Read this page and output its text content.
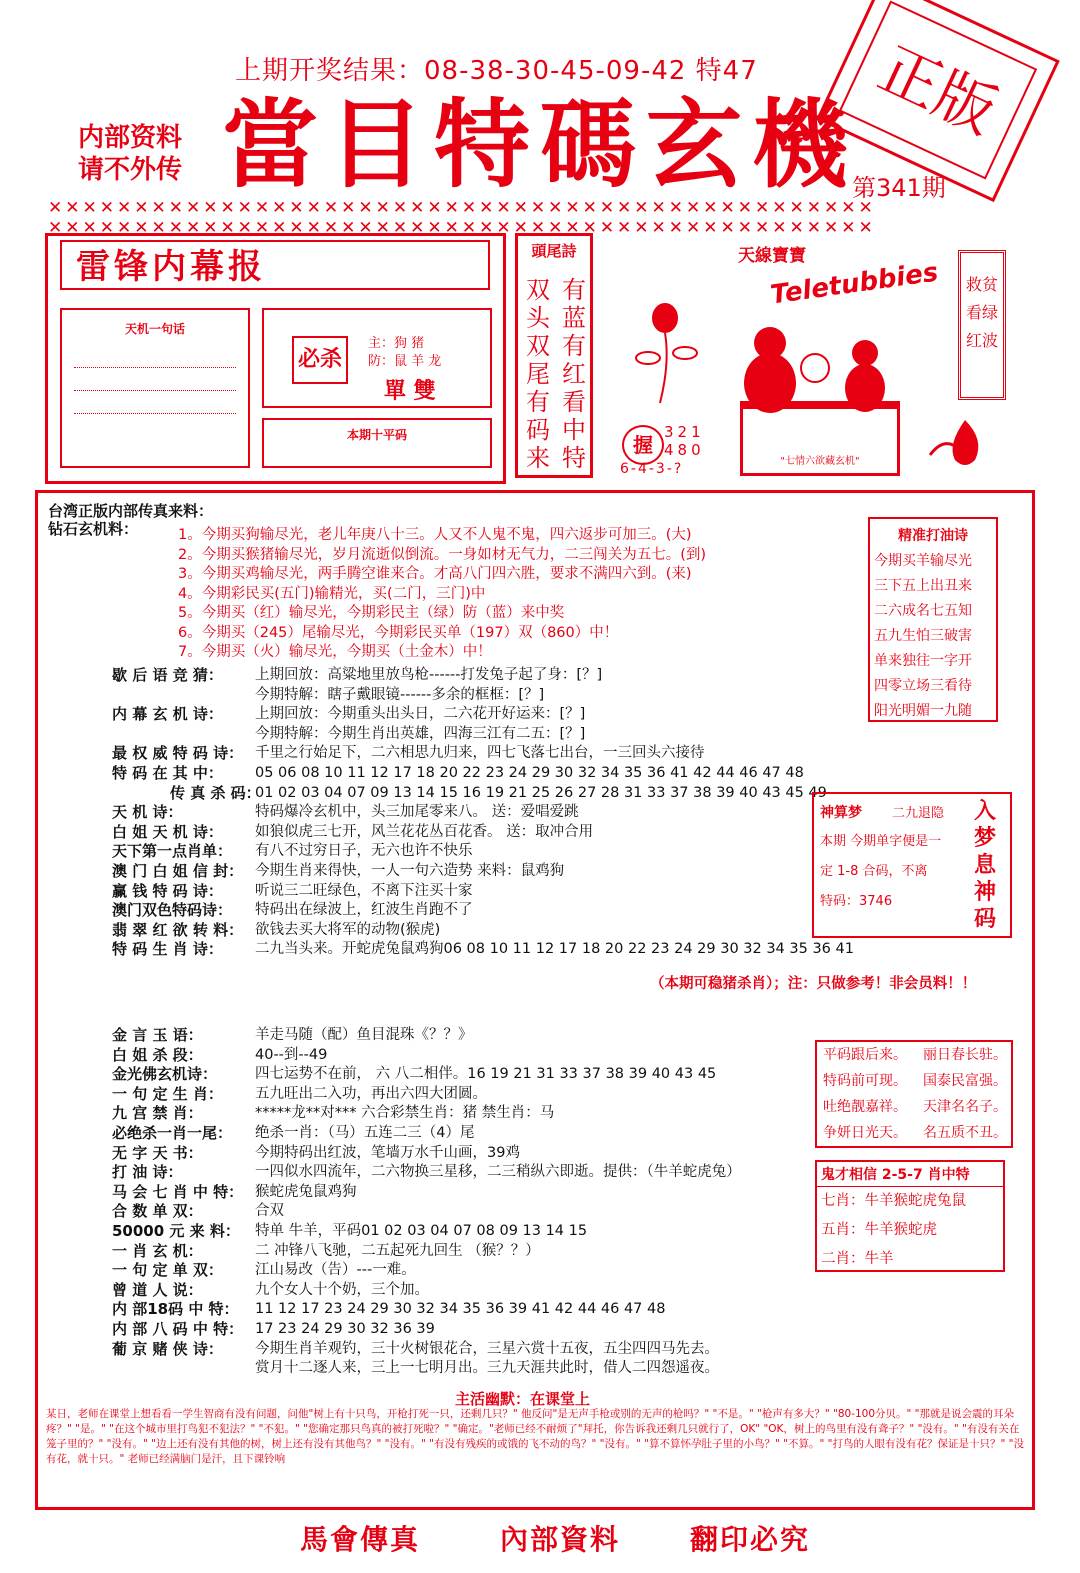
上期开奖结果：08-38-30-45-09-42 特47
内部资料
请不外传 當目特碼玄機
第341期
正版
✕✕✕✕✕✕✕✕✕✕✕✕✕✕✕✕✕✕✕✕✕✕✕✕✕✕✕✕✕✕✕✕✕✕✕✕✕✕✕✕✕✕✕✕✕✕✕✕
✕✕✕✕✕✕✕✕✕✕✕✕✕✕✕✕✕✕✕✕✕✕✕✕✕✕✕✕✕✕✕✕✕✕✕✕✕✕✕✕✕✕✕✕✕✕✕✕
雷锋内幕报
天机一句话
必杀
主：狗 猪
防：鼠 羊 龙
單 雙
本期十平码
頭尾詩
双头双尾有码来
有蓝有红看中特
天線寶寶
Teletubbies
握
321 480
6-4-3-?	"七情六欲藏玄机"
救贫看绿红波
台湾正版内部传真来料：
钻石玄机料：	1。今期买狗输尽光，老儿年庚八十三。人又不人鬼不鬼，四六返步可加三。(大)
2。今期买猴猪输尽光，岁月流逝似倒流。一身如材无气力，二三闯关为五七。(到)
3。今期买鸡输尽光，两手腾空谁来合。才高八门四六胜，要求不满四六到。(来)
4。今期彩民买(五门)输精光，买(二门，三门)中
5。今期买（红）输尽光，今期彩民主（绿）防（蓝）来中奖
6。今期买（245）尾输尽光，今期彩民买单（197）双（860）中！
7。今期买（火）输尽光，今期买（土金木）中！
歇 后 语 竞 猜： 上期回放：高粱地里放鸟枪------打发兔子起了身：[？]
今期特解：瞎子戴眼镜------多余的框框：[？]
内 幕 玄 机 诗： 上期回放：今期重头出头日，二六花开好运来：[？]
今期特解：今期生肖出英雄，四海三江有二五：[？]
最 权 威 特 码 诗： 千里之行始足下，二六相思九归来，四七飞落七出台，一三回头六接待
特 码 在 其 中： 05 06 08 10 11 12 17 18 20 22 23 24 29 30 32 34 35 36 41 42 44 46 47 48
传 真 杀 码：
01 02 03 04 07 09 13 14 15 16 19 21 25 26 27 28 31 33 37 38 39 40 43 45 49
天 机 诗：	特码爆冷玄机中，头三加尾零来八。 送：爱唱爱跳
白 姐 天 机 诗： 如狼似虎三七开，风兰花花丛百花香。 送：取冲合用
天下第一点肖单： 有八不过穷日子，无六也许不快乐
澳 门 白 姐 信 封： 今期生肖来得快，一人一句六造势 来料：鼠鸡狗
赢 钱 特 码 诗： 听说三二旺绿色，不离下注买十家
澳门双色特码诗： 特码出在绿波上，红波生肖跑不了
翡 翠 红 欲 转 料： 欲钱去买大将军的动物(猴虎)
特 码 生 肖 诗： 二九当头来。开蛇虎兔鼠鸡狗06 08 10 11 12 17 18 20 22 23 24 29 30 32 34 35 36 41
精准打油诗
今期买羊输尽光
三下五上出丑来
二六成名七五知
五九生怕三破害
单来独往一字开
四零立场三看待
阳光明媚一九随
神算梦 二九退隐
本期 今期单字便是一
定 1-8 合码，不离
特码：3746
入梦息神码
（本期可稳猪杀肖）；注：只做参考！非会员料！！
金 言 玉 语：	羊走马随（配）鱼目混珠《？？》
白 姐 杀 段：	40--到--49
金光佛玄机诗：	四七运势不在前， 六 八二相伴。16 19 21 31 33 37 38 39 40 43 45
一 句 定 生 肖： 五九旺出二入功，再出六四大团圆。
九 宫 禁 肖：	*****龙**对*** 六合彩禁生肖：猪 禁生肖：马
必绝杀一肖一尾： 绝杀一肖：（马）五连二三（4）尾
无 字 天 书：	今期特码出红波，笔墙万水千山画，39鸡
打 油 诗：	一四似水四流年，二六物换三星移，二三稍纵六即逝。提供：（牛羊蛇虎兔）
马 会 七 肖 中 特： 猴蛇虎兔鼠鸡狗
合 数 单 双：	合双
50000 元 来 料： 特单 牛羊，平码01 02 03 04 07 08 09 13 14 15
一 肖 玄 机：	二 冲锋八飞驰，二五起死九回生 （猴？？）
一 句 定 单 双： 江山易改（告）---一难。
曾 道 人 说：	九个女人十个奶，三个加。
内 部18码 中 特： 11 12 17 23 24 29 30 32 34 35 36 39 41 42 44 46 47 48
内 部 八 码 中 特： 17 23 24 29 30 32 36 39
葡 京 赌 侠 诗： 今期生肖羊观钓，三十火树银花合，三星六赏十五夜，五尘四四马先去。
赏月十二逐人来，三上一七明月出。三九天涯共此时，借人二四怨遥夜。
平码跟后来。	丽日春长驻。
特码前可现。	国泰民富强。
吐绝靓嘉祥。	天津名名子。
争妍日光天。	名五质不丑。
鬼才相信 2-5-7 肖中特
七肖：牛羊猴蛇虎兔鼠
五肖：牛羊猴蛇虎
二肖：牛羊
主活幽默：在课堂上
某日，老师在课堂上想看看一学生智商有没有问题，问他"树上有十只鸟，开枪打死一只，还剩几只？" 他反问"是无声手枪或别的无声的枪吗？" "不是。" "枪声有多大？" "80-100分贝。" "那就是说会震的耳朵疼？" "是。" "在这个城市里打鸟犯不犯法？" "不犯。" "您确定那只鸟真的被打死啦？" "确定。"老师已经不耐烦了"拜托，你告诉我还剩几只就行了，OK" "OK，树上的鸟里有没有聋子？" "没有。" "有没有关在笼子里的？" "没有。" "边上还有没有其他的树，树上还有没有其他鸟？" "没有。" "有没有残疾的或饿的飞不动的鸟？" "没有。" "算不算怀孕肚子里的小鸟？" "不算。" "打鸟的人眼有没有花？保证是十只？" "没有花，就十只。" 老师已经满脑门是汗，且下课铃响
馬會傳真	內部資料 翻印必究
